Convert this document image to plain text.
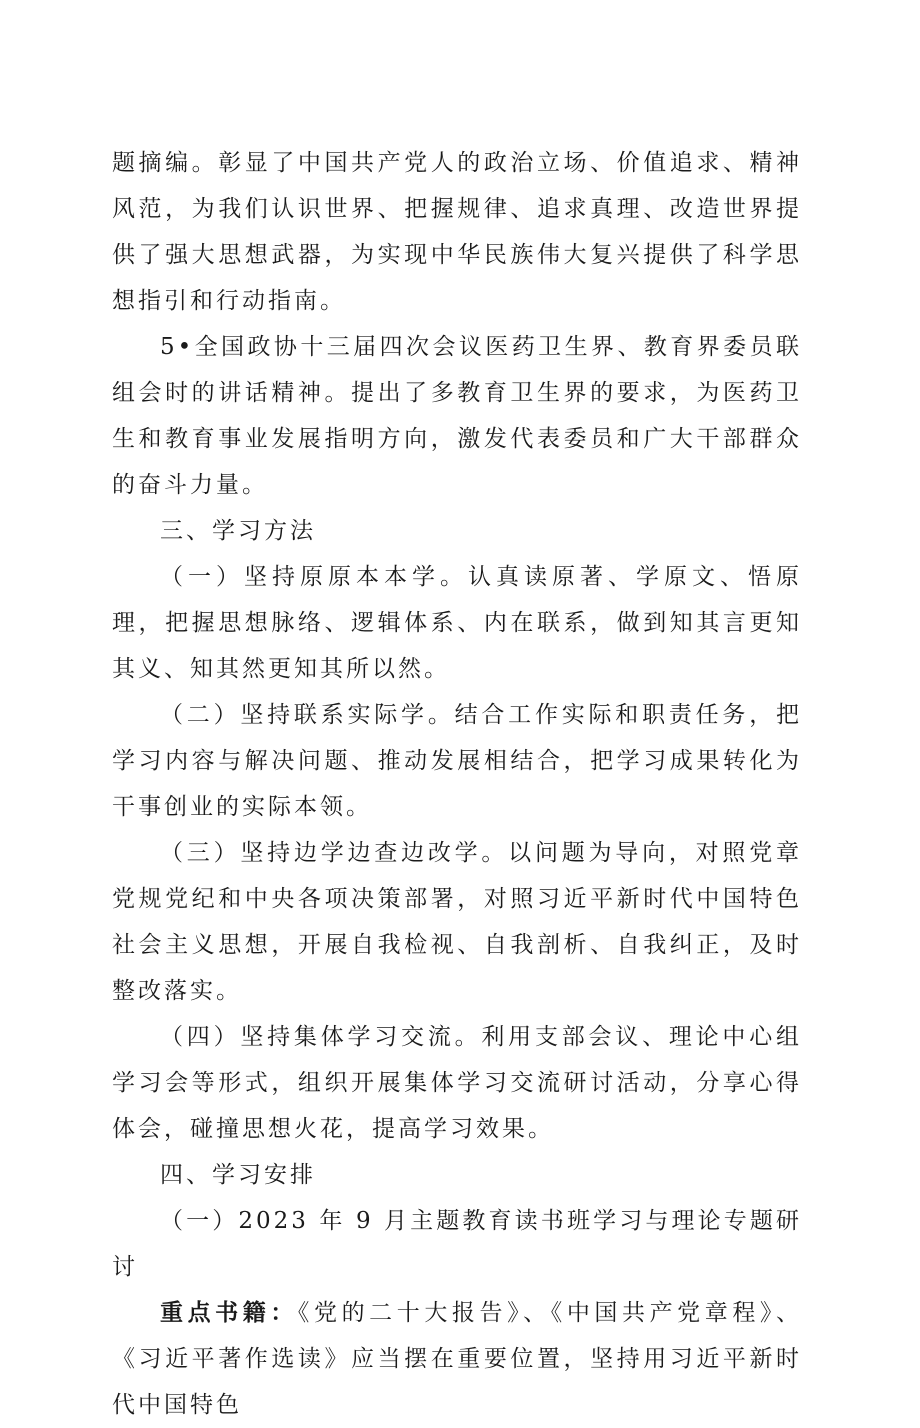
题摘编。彰显了中国共产党人的政治立场、价值追求、精神风范，为我们认识世界、把握规律、追求真理、改造世界提供了强大思想武器，为实现中华民族伟大复兴提供了科学思想指引和行动指南。

5•全国政协十三届四次会议医药卫生界、教育界委员联组会时的讲话精神。提出了多教育卫生界的要求，为医药卫生和教育事业发展指明方向，激发代表委员和广大干部群众的奋斗力量。

三、学习方法

（一）坚持原原本本学。认真读原著、学原文、悟原理，把握思想脉络、逻辑体系、内在联系，做到知其言更知其义、知其然更知其所以然。

（二）坚持联系实际学。结合工作实际和职责任务，把学习内容与解决问题、推动发展相结合，把学习成果转化为干事创业的实际本领。

（三）坚持边学边查边改学。以问题为导向，对照党章党规党纪和中央各项决策部署，对照习近平新时代中国特色社会主义思想，开展自我检视、自我剖析、自我纠正，及时整改落实。

（四）坚持集体学习交流。利用支部会议、理论中心组学习会等形式，组织开展集体学习交流研讨活动，分享心得体会，碰撞思想火花，提高学习效果。

四、学习安排

（一）2023 年 9 月主题教育读书班学习与理论专题研讨

重点书籍：《党的二十大报告》、《中国共产党章程》、《习近平著作选读》应当摆在重要位置，坚持用习近平新时代中国特色
